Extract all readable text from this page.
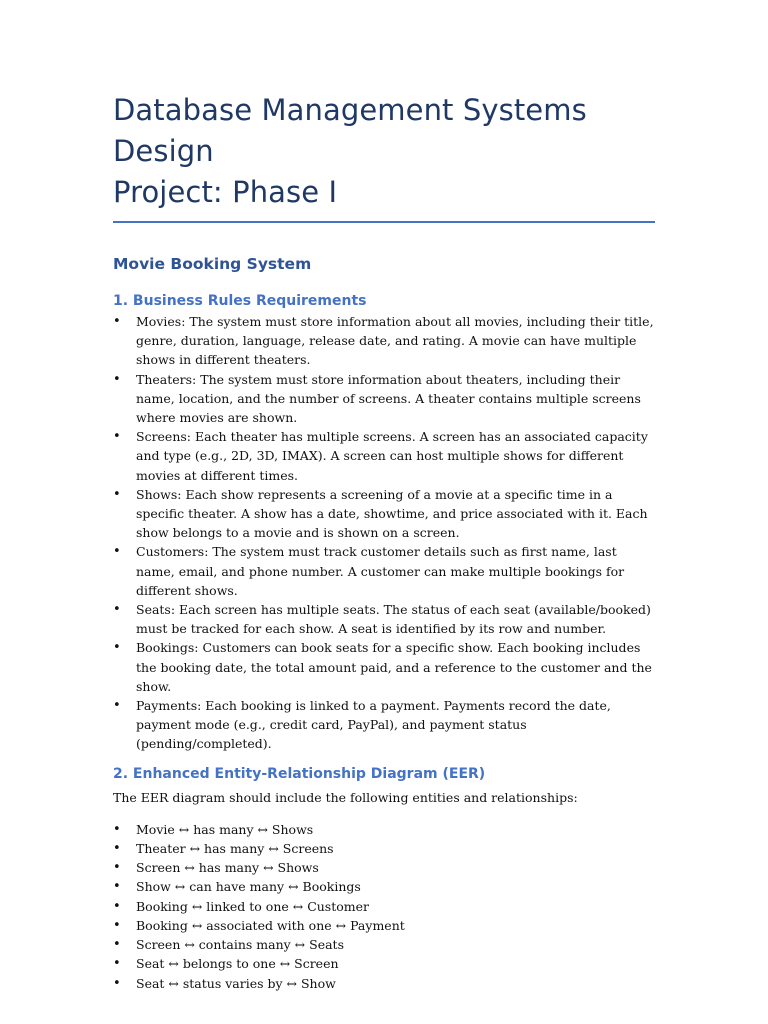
Database Management Systems Design
Project: Phase I
Movie Booking System
1. Business Rules Requirements
• Movies: The system must store information about all movies, including their title, genre, duration, language, release date, and rating. A movie can have multiple shows in different theaters.
• Theaters: The system must store information about theaters, including their name, location, and the number of screens. A theater contains multiple screens where movies are shown.
• Screens: Each theater has multiple screens. A screen has an associated capacity and type (e.g., 2D, 3D, IMAX). A screen can host multiple shows for different movies at different times.
• Shows: Each show represents a screening of a movie at a specific time in a specific theater. A show has a date, showtime, and price associated with it. Each show belongs to a movie and is shown on a screen.
• Customers: The system must track customer details such as first name, last name, email, and phone number. A customer can make multiple bookings for different shows.
• Seats: Each screen has multiple seats. The status of each seat (available/booked) must be tracked for each show. A seat is identified by its row and number.
• Bookings: Customers can book seats for a specific show. Each booking includes the booking date, the total amount paid, and a reference to the customer and the show.
• Payments: Each booking is linked to a payment. Payments record the date, payment mode (e.g., credit card, PayPal), and payment status (pending/completed).
2. Enhanced Entity-Relationship Diagram (EER)

The EER diagram should include the following entities and relationships:

• Movie ↔ has many ↔ Shows
• Theater ↔ has many ↔ Screens
• Screen ↔ has many ↔ Shows
• Show ↔ can have many ↔ Bookings
• Booking ↔ linked to one ↔ Customer
• Booking ↔ associated with one ↔ Payment
• Screen ↔ contains many ↔ Seats
• Seat ↔ belongs to one ↔ Screen
• Seat ↔ status varies by ↔ Show
